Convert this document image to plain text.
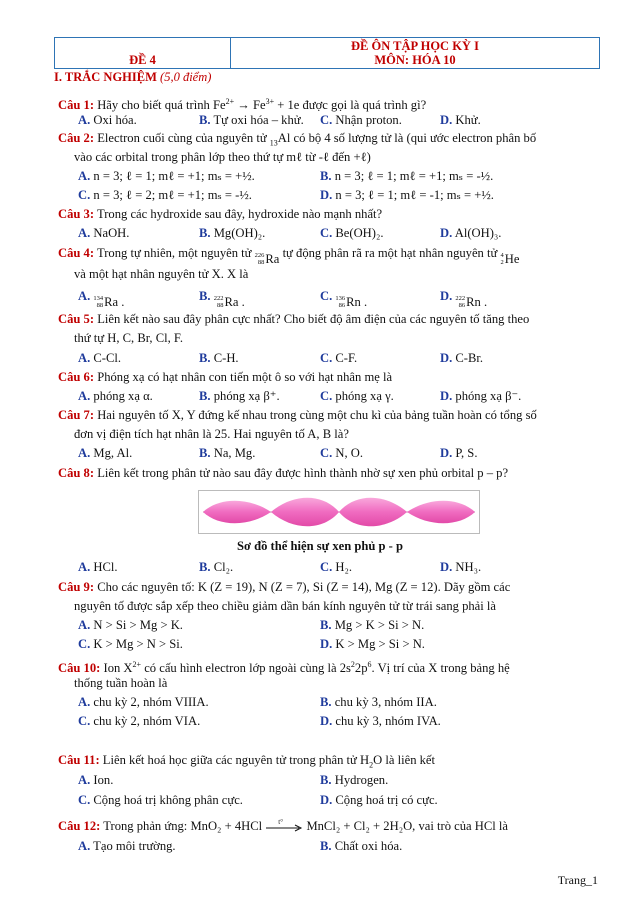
ĐỀ 4
ĐỀ ÔN TẬP HỌC KỲ I
MÔN: HÓA 10
I. TRẮC NGHIỆM (5,0 điểm)
Câu 1: Hãy cho biết quá trình $Fe^{2+} \to Fe^{3+} + 1e$ được gọi là quá trình gì?
A. Oxi hóa.	B. Tự oxi hóa – khử. C. Nhận proton.	D. Khử.
Câu 2: Electron cuối cùng của nguyên tử $_{13}$Al có bộ 4 số lượng tử là (qui ước electron phân bố
vào các orbital trong phân lớp theo thứ tự mℓ từ -ℓ đến +ℓ)
A. n = 3; ℓ = 1; mℓ = +1; mₛ = +½.	B. n = 3; ℓ = 1; mℓ = +1; mₛ = -½.
C. n = 3; ℓ = 2; mℓ = +1; mₛ = -½.	D. n = 3; ℓ = 1; mℓ = -1; mₛ = +½.
Câu 3: Trong các hydroxide sau đây, hydroxide nào mạnh nhất?
A. NaOH.	B. Mg(OH)₂.	C. Be(OH)₂.	D. Al(OH)₃.
Câu 4: Trong tự nhiên, một nguyên tử 226
88 Ra tự động phân rã ra một hạt nhân nguyên tử 4
2 He
và một hạt nhân nguyên tử X. X là
A. 134
88 Ra .	B. 222
88 Ra .	C. 136
86 Rn .	D. 222
86 Rn .
Câu 5: Liên kết nào sau đây phân cực nhất? Cho biết độ âm điện của các nguyên tố tăng theo
thứ tự H, C, Br, Cl, F.
A. C-Cl.	B. C-H.	C. C-F.	D. C-Br.
Câu 6: Phóng xạ có hạt nhân con tiến một ô so với hạt nhân mẹ là
A. phóng xạ α.	B. phóng xạ β⁺.	C. phóng xạ γ.	D. phóng xạ β⁻.
Câu 7: Hai nguyên tố X, Y đứng kế nhau trong cùng một chu kì của bảng tuần hoàn có tổng số
đơn vị điện tích hạt nhân là 25. Hai nguyên tố A, B là?
A. Mg, Al.	B. Na, Mg.	C. N, O.	D. P, S.
Câu 8: Liên kết trong phân tử nào sau đây được hình thành nhờ sự xen phủ orbital p – p?
Sơ đồ thể hiện sự xen phủ p - p
A. HCl.	B. Cl₂.	C. H₂.	D. NH₃.
Câu 9: Cho các nguyên tố: K (Z = 19), N (Z = 7), Si (Z = 14), Mg (Z = 12). Dãy gồm các
nguyên tố được sắp xếp theo chiều giảm dần bán kính nguyên tử từ trái sang phải là
A. N > Si > Mg > K.	B. Mg > K > Si > N.
C. K > Mg > N > Si.	D. K > Mg > Si > N.
Câu 10: Ion $X^{2+}$ có cấu hình electron lớp ngoài cùng là $2s^22p^6$. Vị trí của X trong bảng hệ
thống tuần hoàn là
A. chu kỳ 2, nhóm VIIIA.	B. chu kỳ 3, nhóm IIA.
C. chu kỳ 2, nhóm VIA.	D. chu kỳ 3, nhóm IVA.
Câu 11: Liên kết hoá học giữa các nguyên tử trong phân tử $H_2O$ là liên kết
A. Ion.	B. Hydrogen.
C. Cộng hoá trị không phân cực.	D. Cộng hoá trị có cực.
Câu 12: Trong phản ứng: MnO₂ + 4HCl t° MnCl₂ + Cl₂ + 2H₂O, vai trò của HCl là
A. Tạo môi trường.	B. Chất oxi hóa.
Trang_1
